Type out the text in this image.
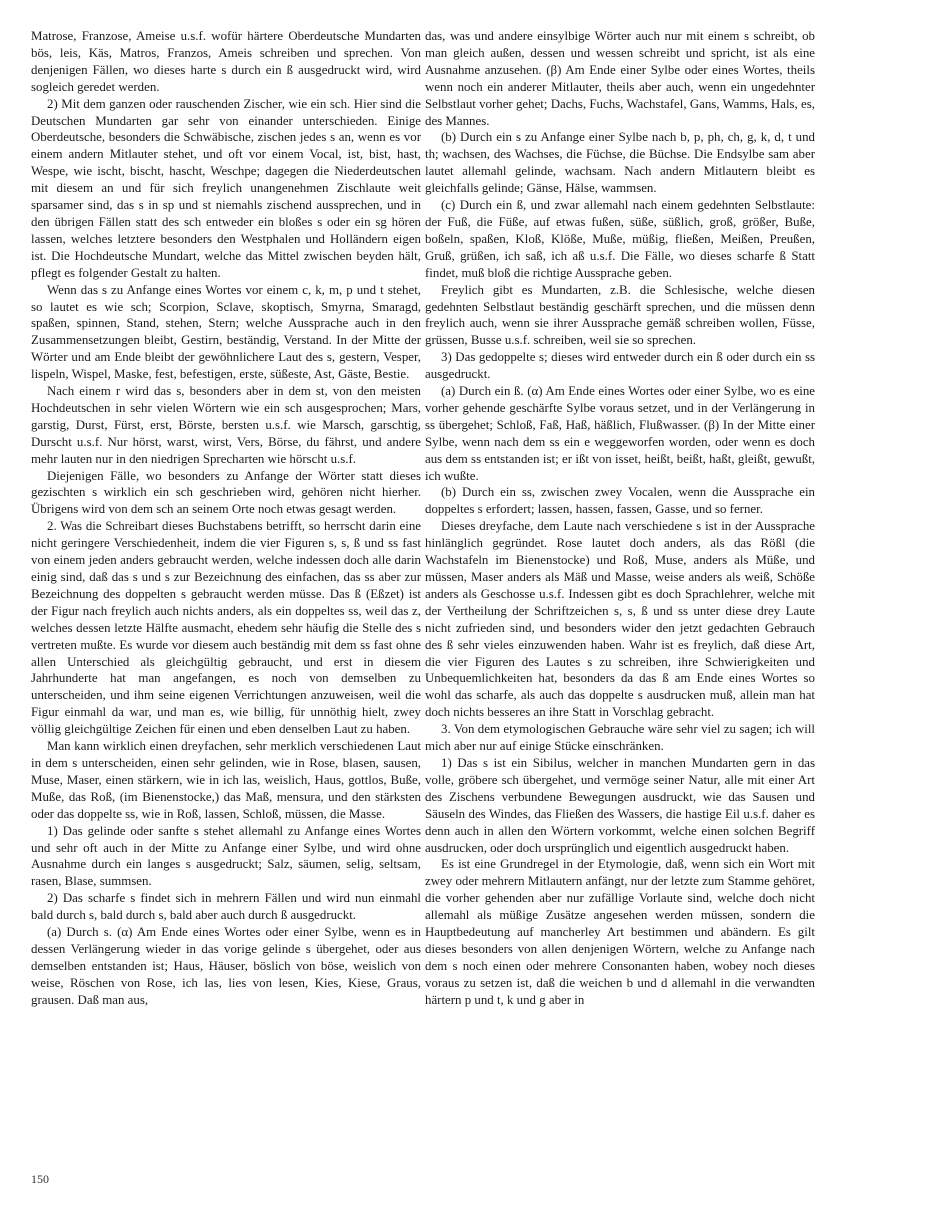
Matrose, Franzose, Ameise u.s.f. wofür härtere Oberdeutsche Mundarten bös, leis, Käs, Matros, Franzos, Ameis schreiben und sprechen. Von denjenigen Fällen, wo dieses harte s durch ein ß ausgedruckt wird, wird sogleich geredet werden.

2) Mit dem ganzen oder rauschenden Zischer, wie ein sch. Hier sind die Deutschen Mundarten gar sehr von einander unterschieden. Einige Oberdeutsche, besonders die Schwäbische, zischen jedes s an, wenn es vor einem andern Mitlauter stehet, und oft vor einem Vocal, ist, bist, hast, Wespe, wie ischt, bischt, hascht, Weschpe; dagegen die Niederdeutschen mit diesem an und für sich freylich unangenehmen Zischlaute weit sparsamer sind, das s in sp und st niemahls zischend aussprechen, und in den übrigen Fällen statt des sch entweder ein bloßes s oder ein sg hören lassen, welches letztere besonders den Westphalen und Holländern eigen ist. Die Hochdeutsche Mundart, welche das Mittel zwischen beyden hält, pflegt es folgender Gestalt zu halten.

Wenn das s zu Anfange eines Wortes vor einem c, k, m, p und t stehet, so lautet es wie sch; Scorpion, Sclave, skoptisch, Smyrna, Smaragd, spaßen, spinnen, Stand, stehen, Stern; welche Aussprache auch in den Zusammensetzungen bleibt, Gestirn, beständig, Verstand. In der Mitte der Wörter und am Ende bleibt der gewöhnlichere Laut des s, gestern, Vesper, lispeln, Wispel, Maske, fest, befestigen, erste, süßeste, Ast, Gäste, Bestie.

Nach einem r wird das s, besonders aber in dem st, von den meisten Hochdeutschen in sehr vielen Wörtern wie ein sch ausgesprochen; Mars, garstig, Durst, Fürst, erst, Börste, bersten u.s.f. wie Marsch, garschtig, Durscht u.s.f. Nur hörst, warst, wirst, Vers, Börse, du fährst, und andere mehr lauten nur in den niedrigen Sprecharten wie hörscht u.s.f.

Diejenigen Fälle, wo besonders zu Anfange der Wörter statt dieses gezischten s wirklich ein sch geschrieben wird, gehören nicht hierher. Übrigens wird von dem sch an seinem Orte noch etwas gesagt werden.

2. Was die Schreibart dieses Buchstabens betrifft, so herrscht darin eine nicht geringere Verschiedenheit, indem die vier Figuren s, s, ß und ss fast von einem jeden anders gebraucht werden, welche indessen doch alle darin einig sind, daß das s und s zur Bezeichnung des einfachen, das ss aber zur Bezeichnung des doppelten s gebraucht werden müsse. Das ß (Eßzet) ist der Figur nach freylich auch nichts anders, als ein doppeltes ss, weil das z, welches dessen letzte Hälfte ausmacht, ehedem sehr häufig die Stelle des s vertreten mußte. Es wurde vor diesem auch beständig mit dem ss fast ohne allen Unterschied als gleichgültig gebraucht, und erst in diesem Jahrhunderte hat man angefangen, es noch von demselben zu unterscheiden, und ihm seine eigenen Verrichtungen anzuweisen, weil die Figur einmahl da war, und man es, wie billig, für unnöthig hielt, zwey völlig gleichgültige Zeichen für einen und eben denselben Laut zu haben.

Man kann wirklich einen dreyfachen, sehr merklich verschiedenen Laut in dem s unterscheiden, einen sehr gelinden, wie in Rose, blasen, sausen, Muse, Maser, einen stärkern, wie in ich las, weislich, Haus, gottlos, Buße, Muße, das Roß, (im Bienenstocke,) das Maß, mensura, und den stärksten oder das doppelte ss, wie in Roß, lassen, Schloß, müssen, die Masse.

1) Das gelinde oder sanfte s stehet allemahl zu Anfange eines Wortes und sehr oft auch in der Mitte zu Anfange einer Sylbe, und wird ohne Ausnahme durch ein langes s ausgedruckt; Salz, säumen, selig, seltsam, rasen, Blase, summsen.

2) Das scharfe s findet sich in mehrern Fällen und wird nun einmahl bald durch s, bald durch s, bald aber auch durch ß ausgedruckt.

(a) Durch s. (α) Am Ende eines Wortes oder einer Sylbe, wenn es in dessen Verlängerung wieder in das vorige gelinde s übergehet, oder aus demselben entstanden ist; Haus, Häuser, böslich von böse, weislich von weise, Röschen von Rose, ich las, lies von lesen, Kies, Kiese, Graus, grausen. Daß man aus,

das, was und andere einsylbige Wörter auch nur mit einem s schreibt, ob man gleich außen, dessen und wessen schreibt und spricht, ist als eine Ausnahme anzusehen. (β) Am Ende einer Sylbe oder eines Wortes, theils wenn noch ein anderer Mitlauter, theils aber auch, wenn ein ungedehnter Selbstlaut vorher gehet; Dachs, Fuchs, Wachstafel, Gans, Wamms, Hals, es, des Mannes.

(b) Durch ein s zu Anfange einer Sylbe nach b, p, ph, ch, g, k, d, t und th; wachsen, des Wachses, die Füchse, die Büchse. Die Endsylbe sam aber lautet allemahl gelinde, wachsam. Nach andern Mitlautern bleibt es gleichfalls gelinde; Gänse, Hälse, wammsen.

(c) Durch ein ß, und zwar allemahl nach einem gedehnten Selbstlaute: der Fuß, die Füße, auf etwas fußen, süße, süßlich, groß, größer, Buße, boßeln, spaßen, Kloß, Klöße, Muße, müßig, fließen, Meißen, Preußen, Gruß, grüßen, ich saß, ich aß u.s.f. Die Fälle, wo dieses scharfe ß Statt findet, muß bloß die richtige Aussprache geben.

Freylich gibt es Mundarten, z.B. die Schlesische, welche diesen gedehnten Selbstlaut beständig geschärft sprechen, und die müssen denn freylich auch, wenn sie ihrer Aussprache gemäß schreiben wollen, Füsse, grüssen, Busse u.s.f. schreiben, weil sie so sprechen.

3) Das gedoppelte s; dieses wird entweder durch ein ß oder durch ein ss ausgedruckt.

(a) Durch ein ß. (α) Am Ende eines Wortes oder einer Sylbe, wo es eine vorher gehende geschärfte Sylbe voraus setzet, und in der Verlängerung in ss übergehet; Schloß, Faß, Haß, häßlich, Flußwasser. (β) In der Mitte einer Sylbe, wenn nach dem ss ein e weggeworfen worden, oder wenn es doch aus dem ss entstanden ist; er ißt von isset, heißt, beißt, haßt, gleißt, gewußt, ich wußte.

(b) Durch ein ss, zwischen zwey Vocalen, wenn die Aussprache ein doppeltes s erfordert; lassen, hassen, fassen, Gasse, und so ferner.

Dieses dreyfache, dem Laute nach verschiedene s ist in der Aussprache hinlänglich gegründet. Rose lautet doch anders, als das Rößl (die Wachstafeln im Bienenstocke) und Roß, Muse, anders als Müße, und müssen, Maser anders als Mäß und Masse, weise anders als weiß, Schöße anders als Geschosse u.s.f. Indessen gibt es doch Sprachlehrer, welche mit der Vertheilung der Schriftzeichen s, s, ß und ss unter diese drey Laute nicht zufrieden sind, und besonders wider den jetzt gedachten Gebrauch des ß sehr vieles einzuwenden haben. Wahr ist es freylich, daß diese Art, die vier Figuren des Lautes s zu schreiben, ihre Schwierigkeiten und Unbequemlichkeiten hat, besonders da das ß am Ende eines Wortes so wohl das scharfe, als auch das doppelte s ausdrucken muß, allein man hat doch nichts besseres an ihre Statt in Vorschlag gebracht.

3. Von dem etymologischen Gebrauche wäre sehr viel zu sagen; ich will mich aber nur auf einige Stücke einschränken.

1) Das s ist ein Sibilus, welcher in manchen Mundarten gern in das volle, gröbere sch übergehet, und vermöge seiner Natur, alle mit einer Art des Zischens verbundene Bewegungen ausdruckt, wie das Sausen und Säuseln des Windes, das Fließen des Wassers, die hastige Eil u.s.f. daher es denn auch in allen den Wörtern vorkommt, welche einen solchen Begriff ausdrucken, oder doch ursprünglich und eigentlich ausgedruckt haben.

Es ist eine Grundregel in der Etymologie, daß, wenn sich ein Wort mit zwey oder mehrern Mitlautern anfängt, nur der letzte zum Stamme gehöret, die vorher gehenden aber nur zufällige Vorlaute sind, welche doch nicht allemahl als müßige Zusätze angesehen werden müssen, sondern die Hauptbedeutung auf mancherley Art bestimmen und abändern. Es gilt dieses besonders von allen denjenigen Wörtern, welche zu Anfange nach dem s noch einen oder mehrere Consonanten haben, wobey noch dieses voraus zu setzen ist, daß die weichen b und d allemahl in die verwandten härtern p und t, k und g aber in

150
